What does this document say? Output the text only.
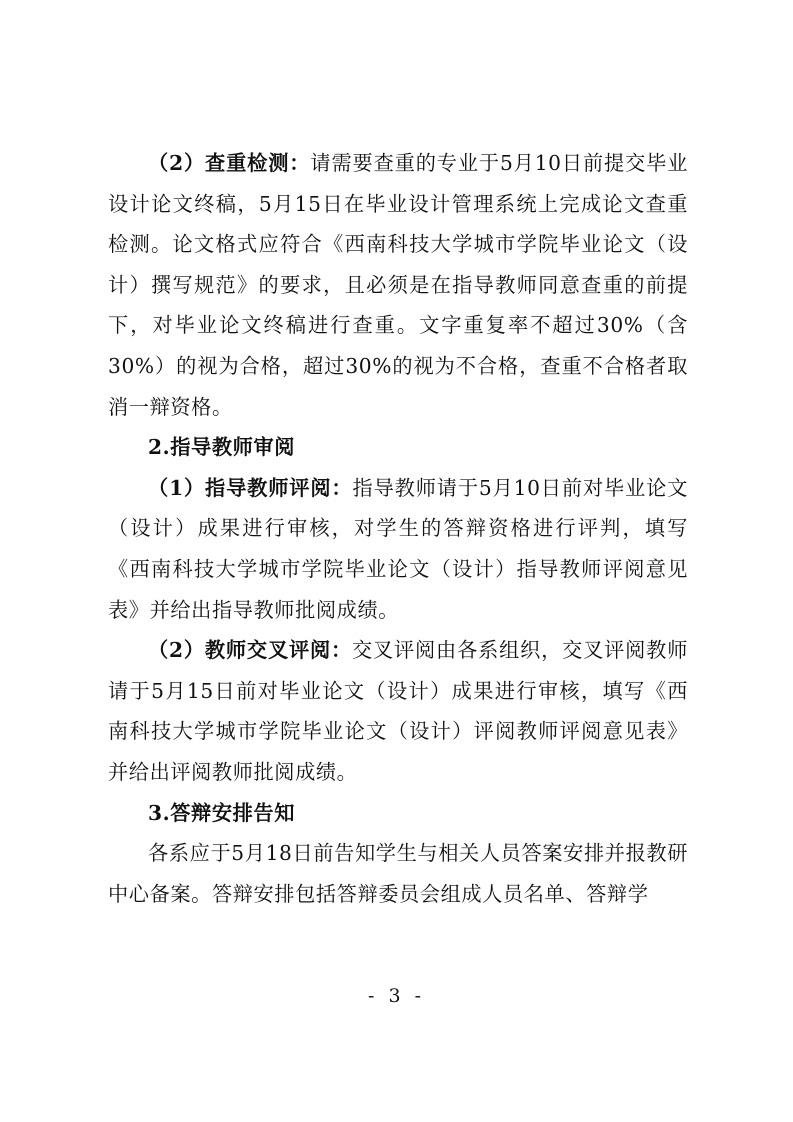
（2）查重检测：请需要查重的专业于5月10日前提交毕业设计论文终稿，5月15日在毕业设计管理系统上完成论文查重检测。论文格式应符合《西南科技大学城市学院毕业论文（设计）撰写规范》的要求，且必须是在指导教师同意查重的前提下，对毕业论文终稿进行查重。文字重复率不超过30%（含30%）的视为合格，超过30%的视为不合格，查重不合格者取消一辩资格。

2.指导教师审阅

（1）指导教师评阅：指导教师请于5月10日前对毕业论文（设计）成果进行审核，对学生的答辩资格进行评判，填写《西南科技大学城市学院毕业论文（设计）指导教师评阅意见表》并给出指导教师批阅成绩。

（2）教师交叉评阅：交叉评阅由各系组织，交叉评阅教师请于5月15日前对毕业论文（设计）成果进行审核，填写《西南科技大学城市学院毕业论文（设计）评阅教师评阅意见表》并给出评阅教师批阅成绩。

3.答辩安排告知

各系应于5月18日前告知学生与相关人员答案安排并报教研中心备案。答辩安排包括答辩委员会组成人员名单、答辩学

- 3 -
